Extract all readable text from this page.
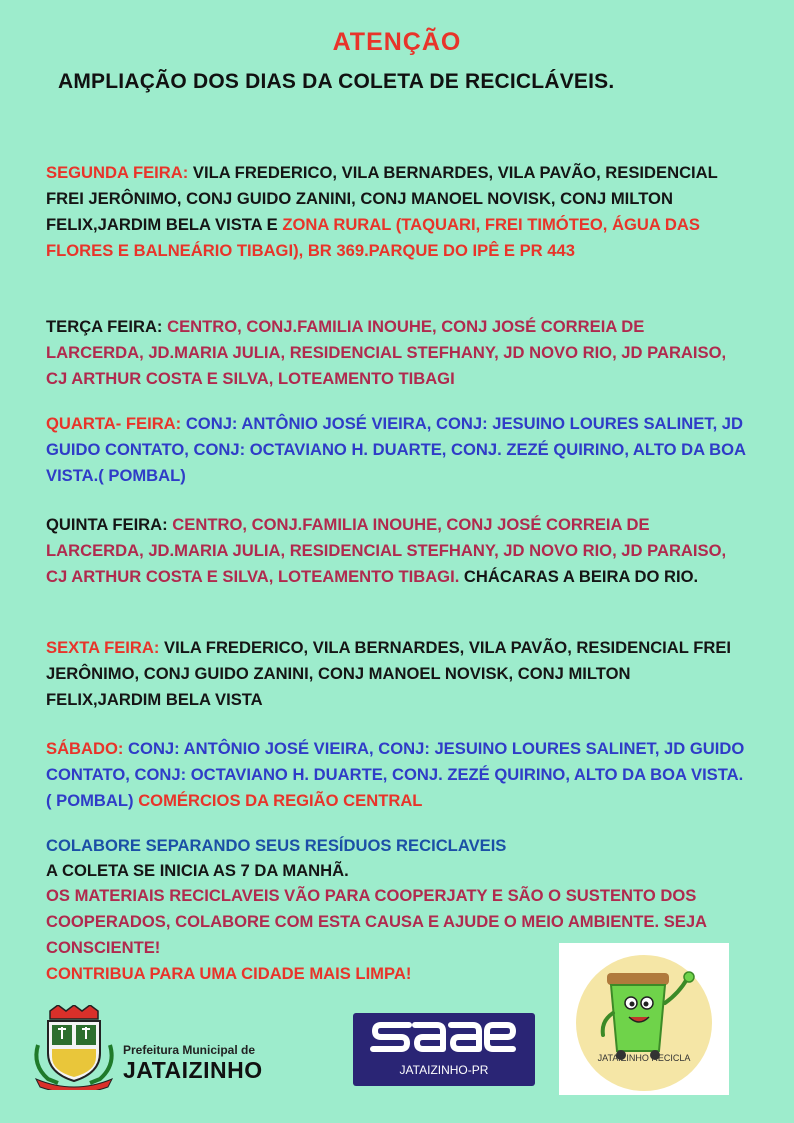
ATENÇÃO
AMPLIAÇÃO DOS DIAS DA COLETA DE RECICLÁVEIS.

SEGUNDA FEIRA: VILA FREDERICO, VILA BERNARDES, VILA PAVÃO, RESIDENCIAL FREI JERÔNIMO, CONJ GUIDO ZANINI, CONJ MANOEL NOVISK, CONJ MILTON FELIX,JARDIM BELA VISTA E ZONA RURAL (TAQUARI, FREI TIMÓTEO, ÁGUA DAS FLORES E BALNEÁRIO TIBAGI), BR 369.PARQUE DO IPÊ E PR 443

TERÇA FEIRA: CENTRO, CONJ.FAMILIA INOUHE, CONJ JOSÉ CORREIA DE LARCERDA, JD.MARIA JULIA, RESIDENCIAL STEFHANY, JD NOVO RIO, JD PARAISO, CJ ARTHUR COSTA E SILVA, LOTEAMENTO TIBAGI

QUARTA- FEIRA: CONJ: ANTÔNIO JOSÉ VIEIRA, CONJ: JESUINO LOURES SALINET, JD GUIDO CONTATO, CONJ: OCTAVIANO H. DUARTE, CONJ. ZEZÉ QUIRINO, ALTO DA BOA VISTA.( POMBAL)

QUINTA FEIRA: CENTRO, CONJ.FAMILIA INOUHE, CONJ JOSÉ CORREIA DE LARCERDA, JD.MARIA JULIA, RESIDENCIAL STEFHANY, JD NOVO RIO, JD PARAISO, CJ ARTHUR COSTA E SILVA, LOTEAMENTO TIBAGI. CHÁCARAS A BEIRA DO RIO.

SEXTA FEIRA: VILA FREDERICO, VILA BERNARDES, VILA PAVÃO, RESIDENCIAL FREI JERÔNIMO, CONJ GUIDO ZANINI, CONJ MANOEL NOVISK, CONJ MILTON FELIX,JARDIM BELA VISTA

SÁBADO: CONJ: ANTÔNIO JOSÉ VIEIRA, CONJ: JESUINO LOURES SALINET, JD GUIDO CONTATO, CONJ: OCTAVIANO H. DUARTE, CONJ. ZEZÉ QUIRINO, ALTO DA BOA VISTA.( POMBAL) COMÉRCIOS DA REGIÃO CENTRAL

COLABORE SEPARANDO SEUS RESÍDUOS RECICLAVEIS

A COLETA SE INICIA AS 7 DA MANHÃ.

OS MATERIAIS RECICLAVEIS VÃO PARA COOPERJATY E SÃO O SUSTENTO DOS COOPERADOS, COLABORE COM ESTA CAUSA E AJUDE O MEIO AMBIENTE. SEJA CONSCIENTE!

CONTRIBUA PARA UMA CIDADE MAIS LIMPA!

Prefeitura Municipal de
JATAIZINHO	JATAIZINHO-PR
JATAIZINHO RECICLA
